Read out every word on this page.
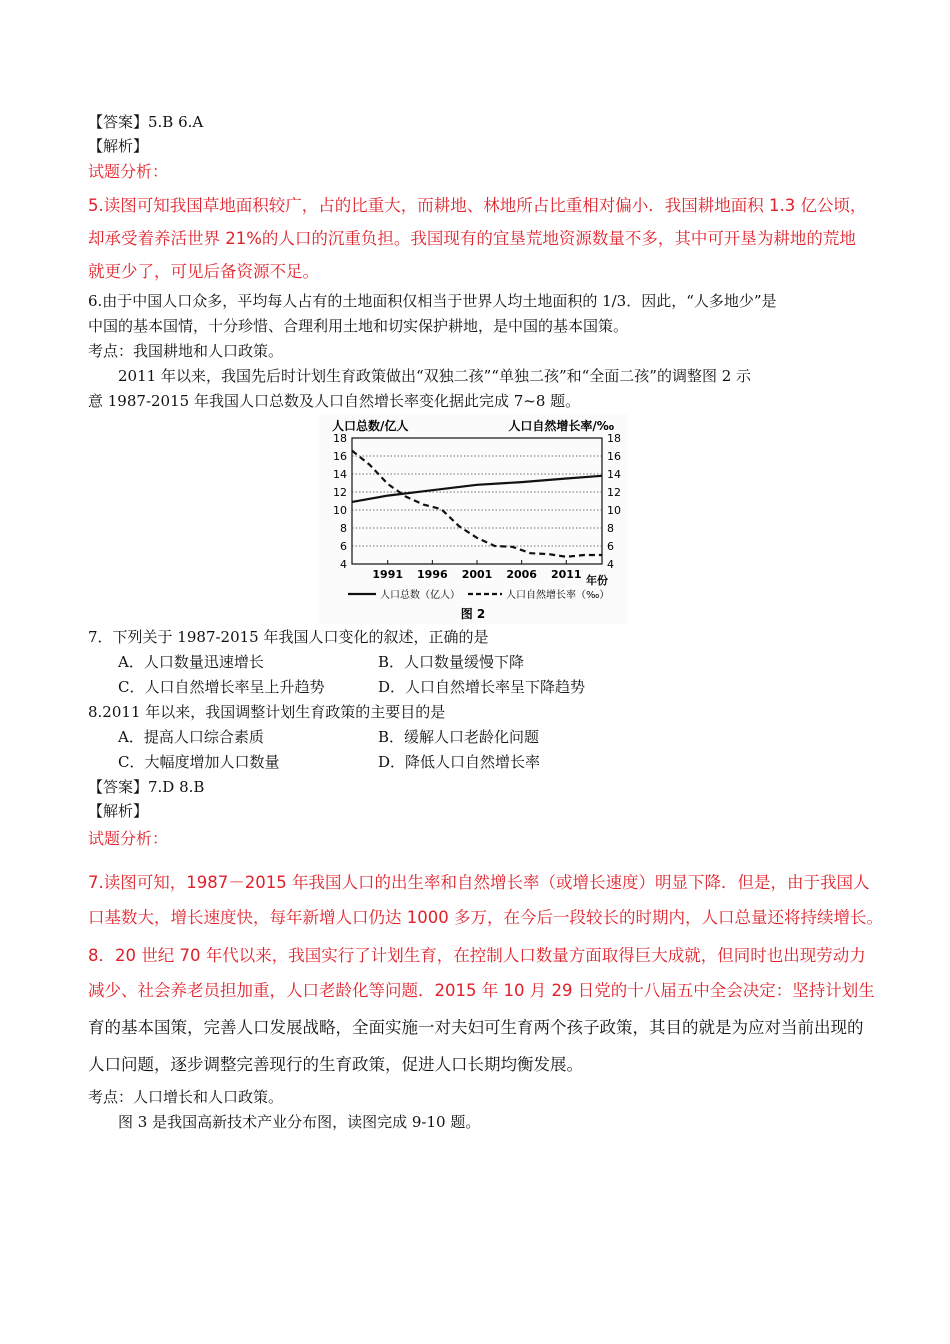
【答案】5.B 6.A
【解析】
试题分析：
5.读图可知我国草地面积较广，占的比重大，而耕地、林地所占比重相对偏小．我国耕地面积 1.3 亿公顷，
却承受着养活世界 21%的人口的沉重负担。我国现有的宜垦荒地资源数量不多，其中可开垦为耕地的荒地
就更少了，可见后备资源不足。
6.由于中国人口众多，平均每人占有的土地面积仅相当于世界人均土地面积的 1/3．因此，“人多地少”是
中国的基本国情，十分珍惜、合理利用土地和切实保护耕地，是中国的基本国策。
考点：我国耕地和人口政策。
2011 年以来，我国先后时计划生育政策做出“双独二孩”“单独二孩”和“全面二孩”的调整图 2 示
意 1987-2015 年我国人口总数及人口自然增长率变化据此完成 7~8 题。
人口总数/亿人	人口自然增长率/‰
4	4
6	6
8	8
10	10
12	12
14	14
16	16
18	18
1991 1996 2001 2006 2011 年份
人口总数（亿人）	人口自然增长率（‰）
图 2
7．下列关于 1987-2015 年我国人口变化的叙述，正确的是
A．人口数量迅速增长	B．人口数量缓慢下降
C．人口自然增长率呈上升趋势	D．人口自然增长率呈下降趋势
8.2011 年以来，我国调整计划生育政策的主要目的是
A．提高人口综合素质	B．缓解人口老龄化问题
C．大幅度增加人口数量	D．降低人口自然增长率
【答案】7.D 8.B
【解析】
试题分析：
7.读图可知，1987－2015 年我国人口的出生率和自然增长率（或增长速度）明显下降．但是，由于我国人
口基数大，增长速度快，每年新增人口仍达 1000 多万，在今后一段较长的时期内，人口总量还将持续增长。
8．20 世纪 70 年代以来，我国实行了计划生育，在控制人口数量方面取得巨大成就，但同时也出现劳动力
减少、社会养老员担加重，人口老龄化等问题．2015 年 10 月 29 日党的十八届五中全会决定：坚持计划生
育的基本国策，完善人口发展战略，全面实施一对夫妇可生育两个孩子政策，其目的就是为应对当前出现的
人口问题，逐步调整完善现行的生育政策，促进人口长期均衡发展。
考点：人口增长和人口政策。
图 3 是我国高新技术产业分布图，读图完成 9-10 题。
